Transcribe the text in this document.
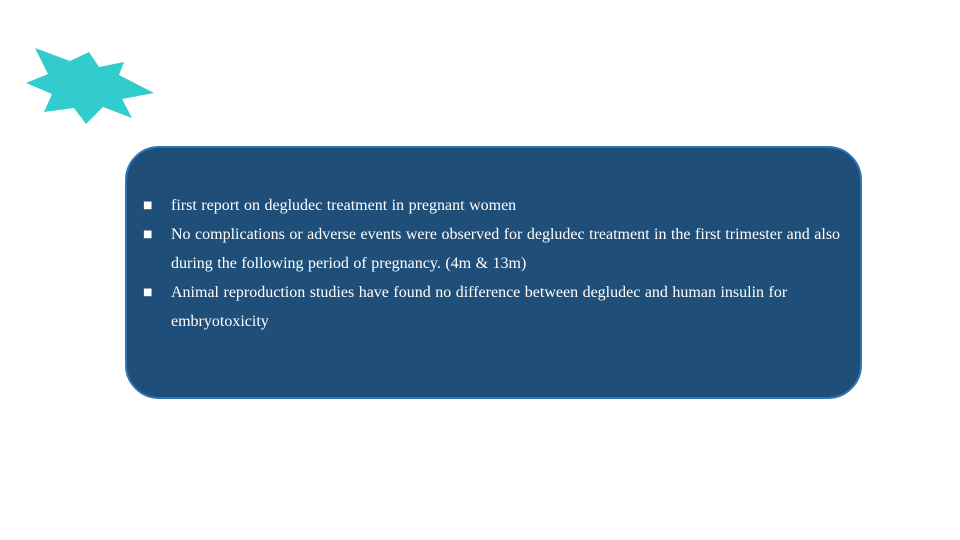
■ first report on degludec treatment in pregnant women
■ No complications or adverse events were observed for degludec treatment in the first trimester and also during the following period of pregnancy. (4m & 13m)
■ Animal reproduction studies have found no difference between degludec and human insulin for embryotoxicity
